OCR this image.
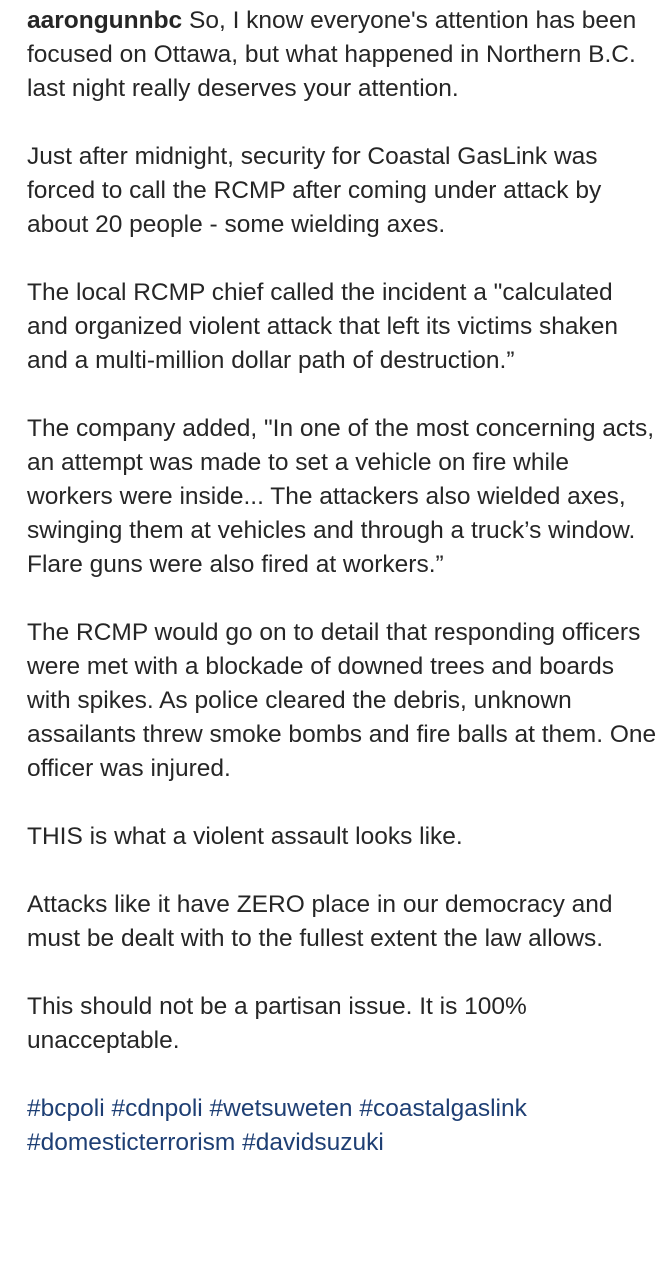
aarongunnbc So, I know everyone's attention has been focused on Ottawa, but what happened in Northern B.C. last night really deserves your attention.

Just after midnight, security for Coastal GasLink was forced to call the RCMP after coming under attack by about 20 people - some wielding axes.

The local RCMP chief called the incident a "calculated and organized violent attack that left its victims shaken and a multi-million dollar path of destruction.”

The company added, "In one of the most concerning acts, an attempt was made to set a vehicle on fire while workers were inside... The attackers also wielded axes, swinging them at vehicles and through a truck’s window. Flare guns were also fired at workers.”

The RCMP would go on to detail that responding officers were met with a blockade of downed trees and boards with spikes. As police cleared the debris, unknown assailants threw smoke bombs and fire balls at them. One officer was injured.

THIS is what a violent assault looks like.

Attacks like it have ZERO place in our democracy and must be dealt with to the fullest extent the law allows.

This should not be a partisan issue. It is 100% unacceptable.

#bcpoli #cdnpoli #wetsuweten #coastalgaslink #domesticterrorism #davidsuzuki
